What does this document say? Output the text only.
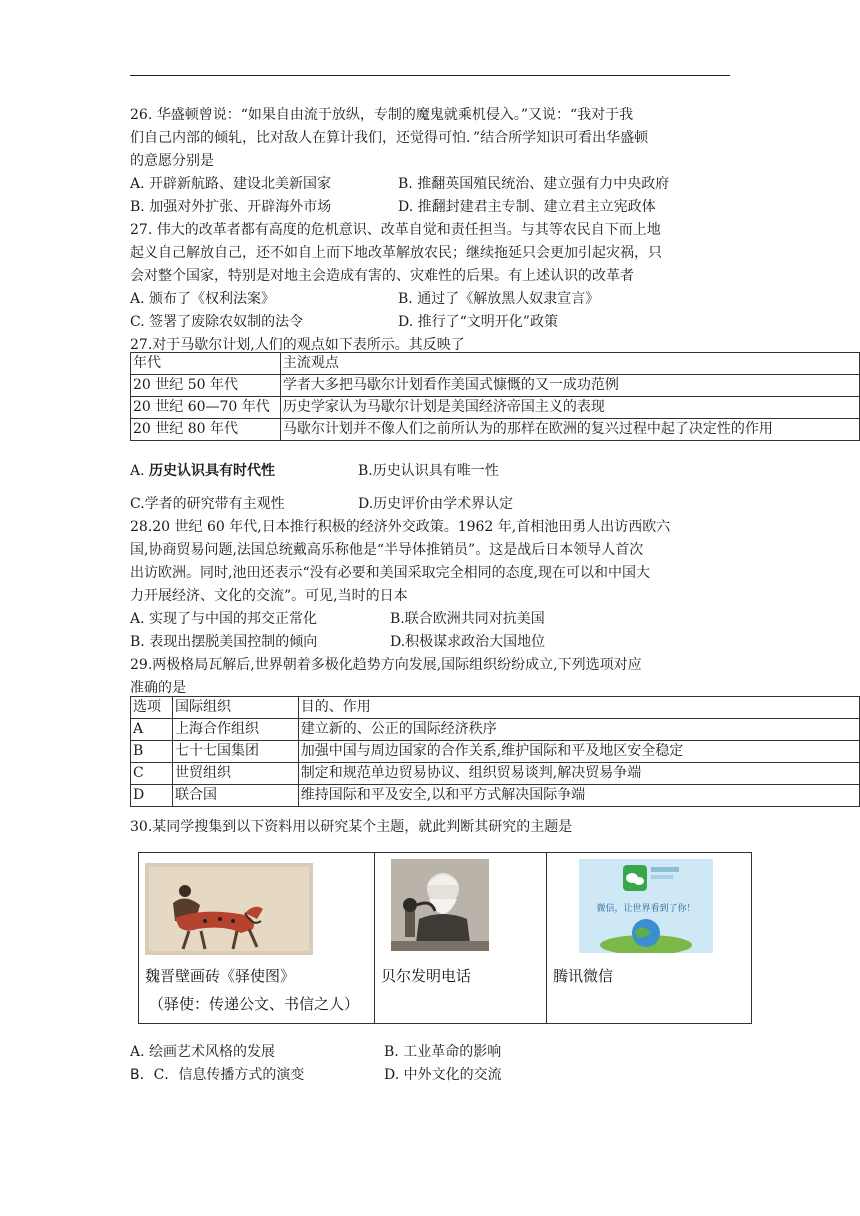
26. 华盛顿曾说：“如果自由流于放纵，专制的魔鬼就乘机侵入。”又说：“我对于我
们自己内部的倾轧，比对敌人在算计我们，还觉得可怕．”结合所学知识可看出华盛顿
的意愿分别是
A. 开辟新航路、建设北美新国家	B. 推翻英国殖民统治、建立强有力中央政府
B. 加强对外扩张、开辟海外市场	D. 推翻封建君主专制、建立君主立宪政体
27. 伟大的改革者都有高度的危机意识、改革自觉和责任担当。与其等农民自下而上地
起义自己解放自己，还不如自上而下地改革解放农民；继续拖延只会更加引起灾祸，只
会对整个国家，特别是对地主会造成有害的、灾难性的后果。有上述认识的改革者
A. 颁布了《权利法案》	B. 通过了《解放黑人奴隶宣言》
C. 签署了废除农奴制的法令	D. 推行了“文明开化”政策
27.对于马歇尔计划,人们的观点如下表所示。其反映了
年代	主流观点
20 世纪 50 年代	学者大多把马歇尔计划看作美国式慷慨的又一成功范例
20 世纪 60—70 年代	历史学家认为马歇尔计划是美国经济帝国主义的表现
20 世纪 80 年代	马歇尔计划并不像人们之前所认为的那样在欧洲的复兴过程中起了决定性的作用
A. 历史认识具有时代性	B.历史认识具有唯一性
C.学者的研究带有主观性	D.历史评价由学术界认定
28.20 世纪 60 年代,日本推行积极的经济外交政策。1962 年,首相池田勇人出访西欧六
国,协商贸易问题,法国总统戴高乐称他是“半导体推销员”。这是战后日本领导人首次
出访欧洲。同时,池田还表示“没有必要和美国采取完全相同的态度,现在可以和中国大
力开展经济、文化的交流”。可见,当时的日本
A. 实现了与中国的邦交正常化	B.联合欧洲共同对抗美国
B. 表现出摆脱美国控制的倾向	D.积极谋求政治大国地位
29.两极格局瓦解后,世界朝着多极化趋势方向发展,国际组织纷纷成立,下列选项对应
准确的是
选项	国际组织	目的、作用
A	上海合作组织	建立新的、公正的国际经济秩序
B	七十七国集团	加强中国与周边国家的合作关系,维护国际和平及地区安全稳定
C	世贸组织	制定和规范单边贸易协议、组织贸易谈判,解决贸易争端
D	联合国	维持国际和平及安全,以和平方式解决国际争端
30.某同学搜集到以下资料用以研究某个主题，就此判断其研究的主题是
魏晋壁画砖《驿使图》
（驿使：传递公文、书信之人）
贝尔发明电话
微信，让世界看到了你！
腾讯微信
A. 绘画艺术风格的发展	B. 工业革命的影响
B．C．信息传播方式的演变	D. 中外文化的交流
